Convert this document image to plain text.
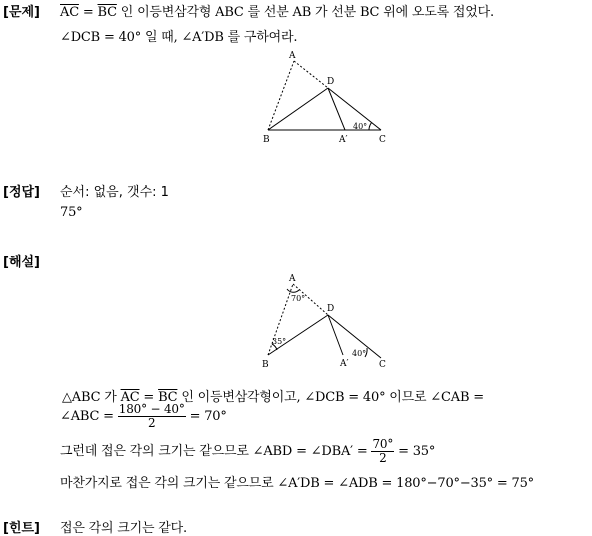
[문제] $\overline{AC} = \overline{BC}$ 인 이등변삼각형 ABC 를 선분 AB 가 선분 BC 위에 오도록 접었다.
∠DCB = 40° 일 때, ∠A′DB 를 구하여라.
A
D
B	A′	C
40°
[정답] 순서: 없음, 갯수: 1
75°
[해설]
A
70°
D
35°
B	A′
40°
C
△ABC 가 $\overline{AC} = \overline{BC}$ 인 이등변삼각형이고, ∠DCB = 40° 이므로 ∠CAB =
∠ABC = $\frac{180^\circ - 40^\circ}{2} = 70^\circ$
그런데 접은 각의 크기는 같으므로 ∠ABD = ∠DBA′ = $\frac{70^\circ}{2} = 35^\circ$
마찬가지로 접은 각의 크기는 같으므로 ∠A′DB = ∠ADB = 180°−70°−35° = 75°
[힌트] 접은 각의 크기는 같다.
